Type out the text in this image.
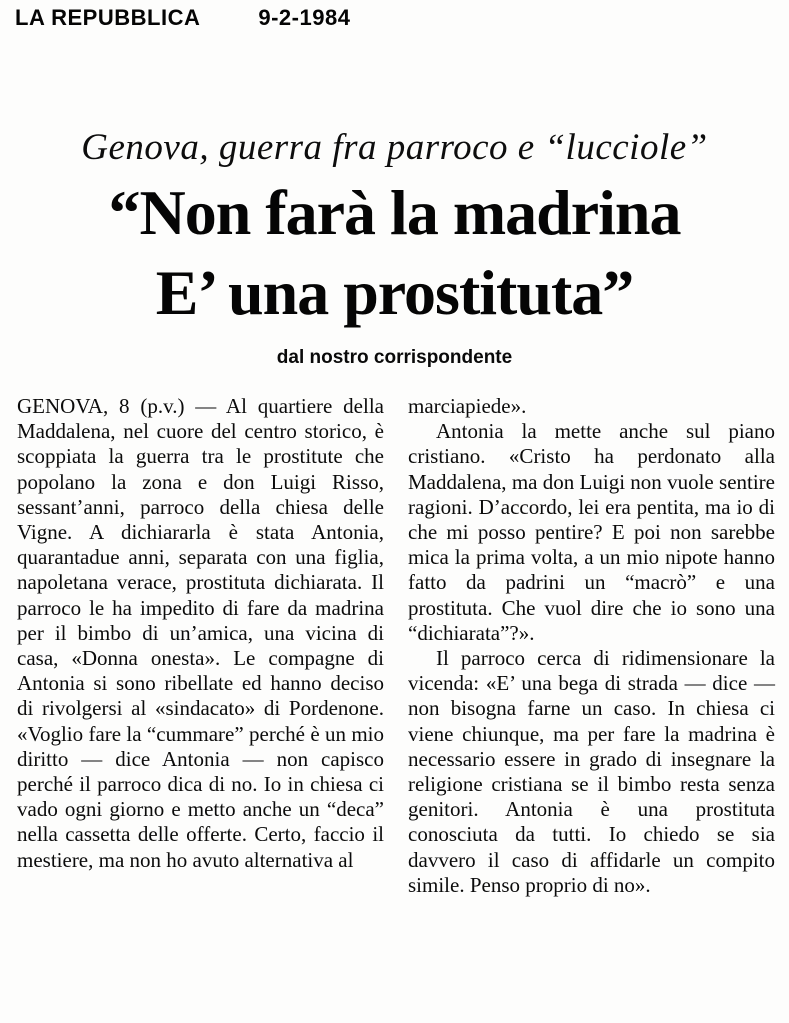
LA REPUBBLICA	9-2-1984
Genova, guerra fra parroco e “lucciole”
“Non farà la madrina
E’ una prostituta”
dal nostro corrispondente

GENOVA, 8 (p.v.) — Al quartiere della Maddalena, nel cuore del centro storico, è scoppiata la guerra tra le prostitute che popolano la zona e don Luigi Risso, sessant’anni, parroco della chiesa delle Vigne. A dichiararla è stata Antonia, quarantadue anni, separata con una figlia, napoletana verace, prostituta dichiarata. Il parroco le ha impedito di fare da madrina per il bimbo di un’amica, una vicina di casa, «Donna onesta». Le compagne di Antonia si sono ribellate ed hanno deciso di rivolgersi al «sindacato» di Pordenone. «Voglio fare la “cummare” perché è un mio diritto — dice Antonia — non capisco perché il parroco dica di no. Io in chiesa ci vado ogni giorno e metto anche un “deca” nella cassetta delle offerte. Certo, faccio il mestiere, ma non ho avuto alternativa al

marciapiede».

Antonia la mette anche sul piano cristiano. «Cristo ha perdonato alla Maddalena, ma don Luigi non vuole sentire ragioni. D’accordo, lei era pentita, ma io di che mi posso pentire? E poi non sarebbe mica la prima volta, a un mio nipote hanno fatto da padrini un “macrò” e una prostituta. Che vuol dire che io sono una “dichiarata”?».

Il parroco cerca di ridimensionare la vicenda: «E’ una bega di strada — dice — non bisogna farne un caso. In chiesa ci viene chiunque, ma per fare la madrina è necessario essere in grado di insegnare la religione cristiana se il bimbo resta senza genitori. Antonia è una prostituta conosciuta da tutti. Io chiedo se sia davvero il caso di affidarle un compito simile. Penso proprio di no».
